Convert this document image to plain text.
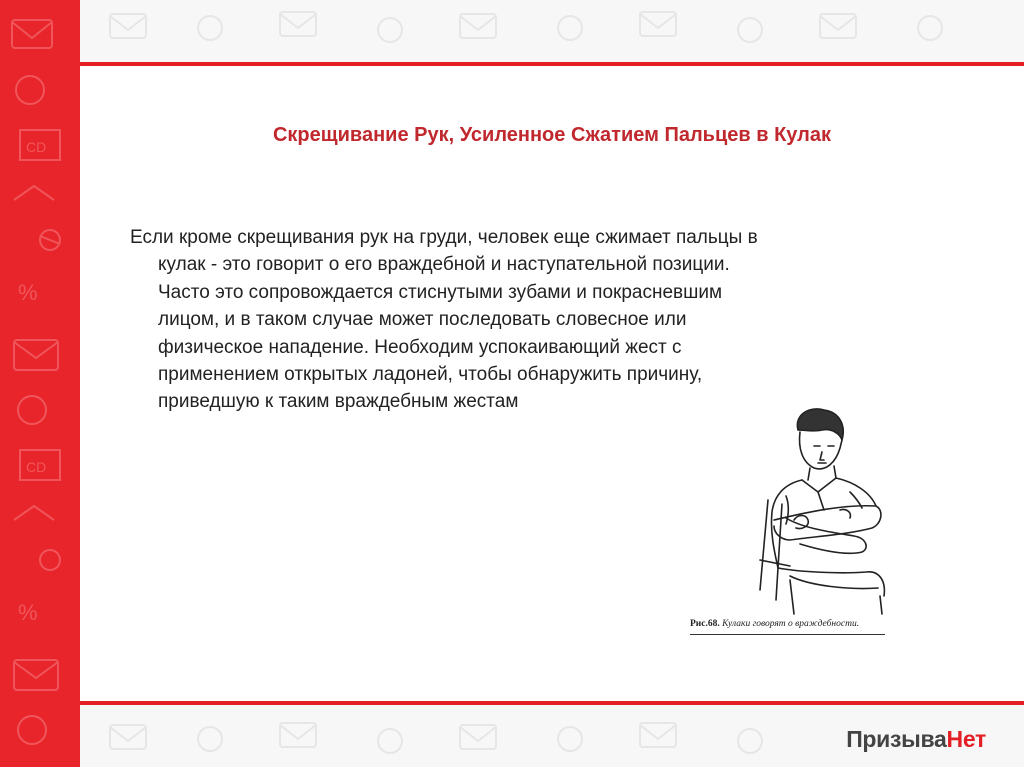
CD
%
CD
%
Скрещивание Рук, Усиленное Сжатием Пальцев в Кулак
Если кроме скрещивания рук на груди, человек еще сжимает пальцы в кулак - это говорит о его враждебной и наступательной позиции. Часто это сопровождается стиснутыми зубами и покрасневшим лицом, и в таком случае может последовать словесное или физическое нападение. Необходим успокаивающий жест с применением открытых ладоней, чтобы обнаружить причину, приведшую к таким враждебным жестам
Рис.68. Кулаки говорят о враждебности.
ПризываНет
